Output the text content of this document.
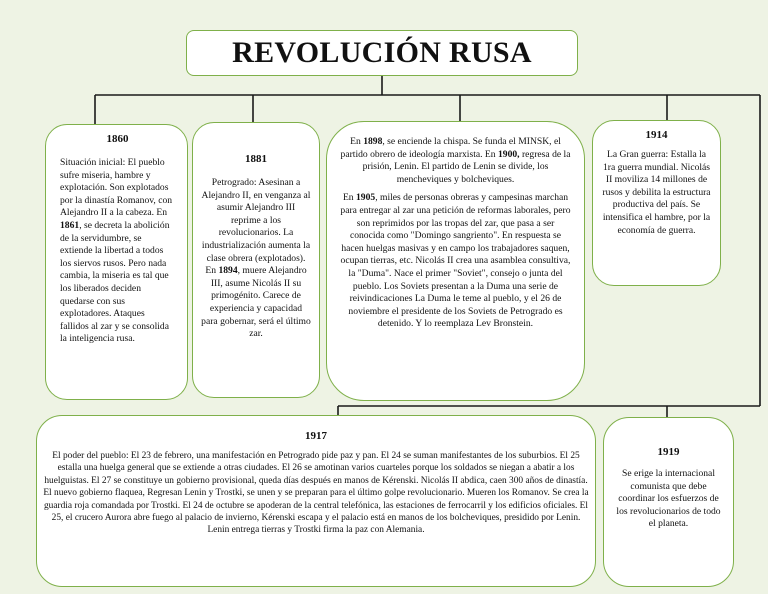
REVOLUCIÓN RUSA
1860

Situación inicial: El pueblo sufre miseria, hambre y explotación. Son explotados por la dinastía Romanov, con Alejandro II a la cabeza. En 1861, se decreta la abolición de la servidumbre, se extiende la libertad a todos los siervos rusos. Pero nada cambia, la miseria es tal que los liberados deciden quedarse con sus explotadores. Ataques fallidos al zar y se consolida la inteligencia rusa.

1881

Petrogrado: Asesinan a Alejandro II, en venganza al asumir Alejandro III reprime a los revolucionarios. La industrialización aumenta la clase obrera (explotados). En 1894, muere Alejandro III, asume Nicolás II su primogénito. Carece de experiencia y capacidad para gobernar, será el último zar.

En 1898, se enciende la chispa. Se funda el MINSK, el partido obrero de ideología marxista. En 1900, regresa de la prisión, Lenin. El partido de Lenin se divide, los mencheviques y bolcheviques.

En 1905, miles de personas obreras y campesinas marchan para entregar al zar una petición de reformas laborales, pero son reprimidos por las tropas del zar, que pasa a ser conocida como "Domingo sangriento". En respuesta se hacen huelgas masivas y en campo los trabajadores saquen, ocupan tierras, etc. Nicolás II crea una asamblea consultiva, la "Duma". Nace el primer "Soviet", consejo o junta del pueblo. Los Soviets presentan a la Duma una serie de reivindicaciones La Duma le teme al pueblo, y el 26 de noviembre el presidente de los Soviets de Petrogrado es detenido. Y lo reemplaza Lev Bronstein.

1914

La Gran guerra: Estalla la 1ra guerra mundial. Nicolás II moviliza 14 millones de rusos y debilita la estructura productiva del país. Se intensifica el hambre, por la economía de guerra.

1917

El poder del pueblo: El 23 de febrero, una manifestación en Petrogrado pide paz y pan. El 24 se suman manifestantes de los suburbios. El 25 estalla una huelga general que se extiende a otras ciudades. El 26 se amotinan varios cuarteles porque los soldados se niegan a abatir a los huelguistas. El 27 se constituye un gobierno provisional, queda días después en manos de Kérenski. Nicolás II abdica, caen 300 años de dinastía. El nuevo gobierno flaquea, Regresan Lenin y Trostki, se unen y se preparan para el último golpe revolucionario. Mueren los Romanov. Se crea la guardia roja comandada por Trostki. El 24 de octubre se apoderan de la central telefónica, las estaciones de ferrocarril y los edificios oficiales. El 25, el crucero Aurora abre fuego al palacio de invierno, Kérenski escapa y el palacio está en manos de los bolcheviques, presidido por Lenin. Lenin entrega tierras y Trostki firma la paz con Alemania.

1919

Se erige la internacional comunista que debe coordinar los esfuerzos de los revolucionarios de todo el planeta.
